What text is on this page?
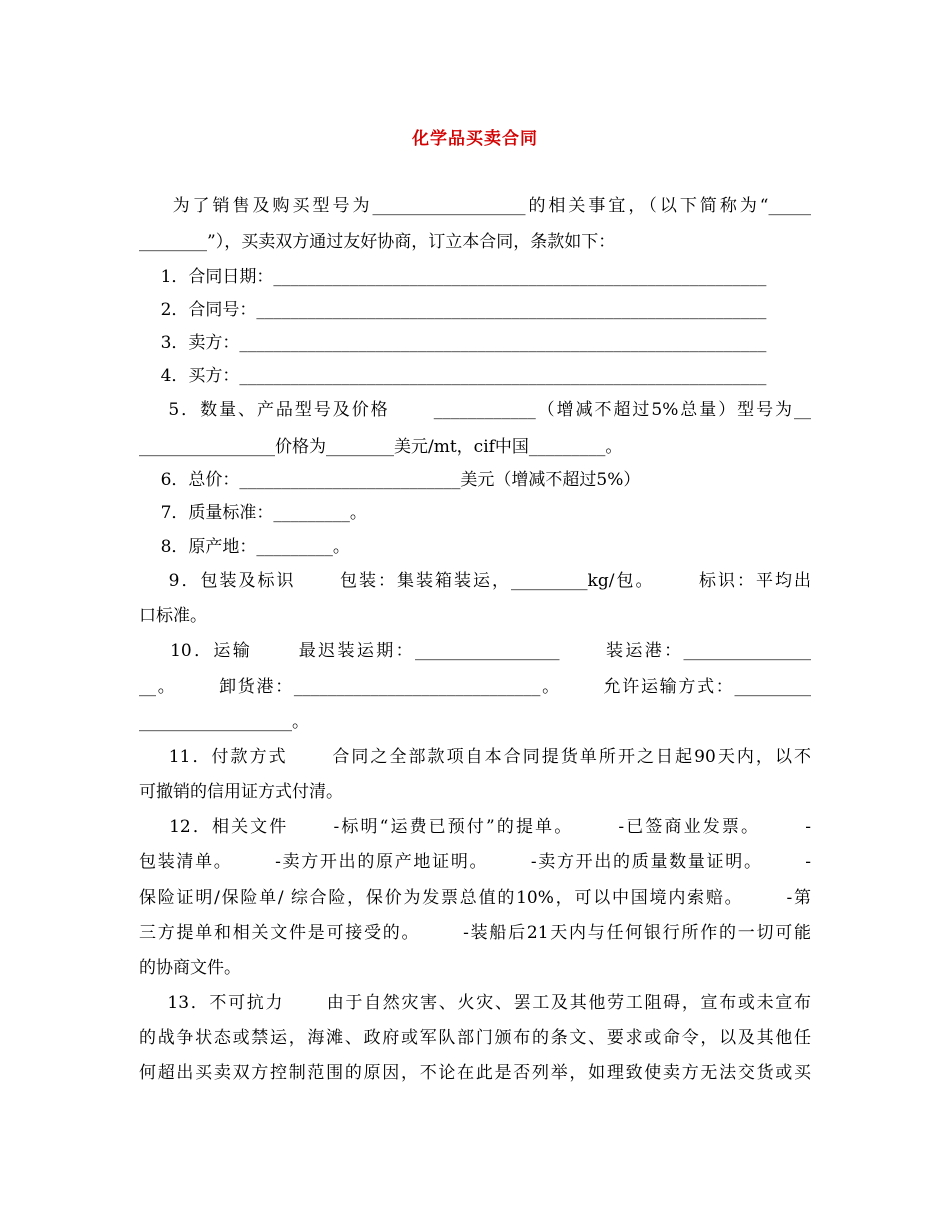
化学品买卖合同
为了销售及购买型号为__________________的相关事宜，（以下简称为“_____
________”），买卖双方通过友好协商，订立本合同，条款如下：
1．合同日期：__________________________________________________________
2．合同号：____________________________________________________________
3．卖方：______________________________________________________________
4．买方：______________________________________________________________
5．数量、产品型号及价格      ____________（增减不超过5%总量）型号为__
________________价格为________美元/mt，cif中国_________。
6．总价：__________________________美元（增减不超过5%）
7．质量标准：_________。
8．原产地：_________。
9．包装及标识      包装：集装箱装运，_________kg/包。      标识：平均出
口标准。
10．运输      最迟装运期：_________________      装运港：_______________
__。      卸货港：_____________________________。      允许运输方式：_________
__________________。
11．付款方式      合同之全部款项自本合同提货单所开之日起90天内，以不
可撤销的信用证方式付清。
12．相关文件      -标明“运费已预付”的提单。      -已签商业发票。      -
包装清单。      -卖方开出的原产地证明。      -卖方开出的质量数量证明。      -
保险证明/保险单/ 综合险，保价为发票总值的10%，可以中国境内索赔。      -第
三方提单和相关文件是可接受的。      -装船后21天内与任何银行所作的一切可能
的协商文件。
13．不可抗力      由于自然灾害、火灾、罢工及其他劳工阻碍，宣布或未宣布
的战争状态或禁运，海滩、政府或军队部门颁布的条文、要求或命令，以及其他任
何超出买卖双方控制范围的原因，不论在此是否列举，如理致使卖方无法交货或买
